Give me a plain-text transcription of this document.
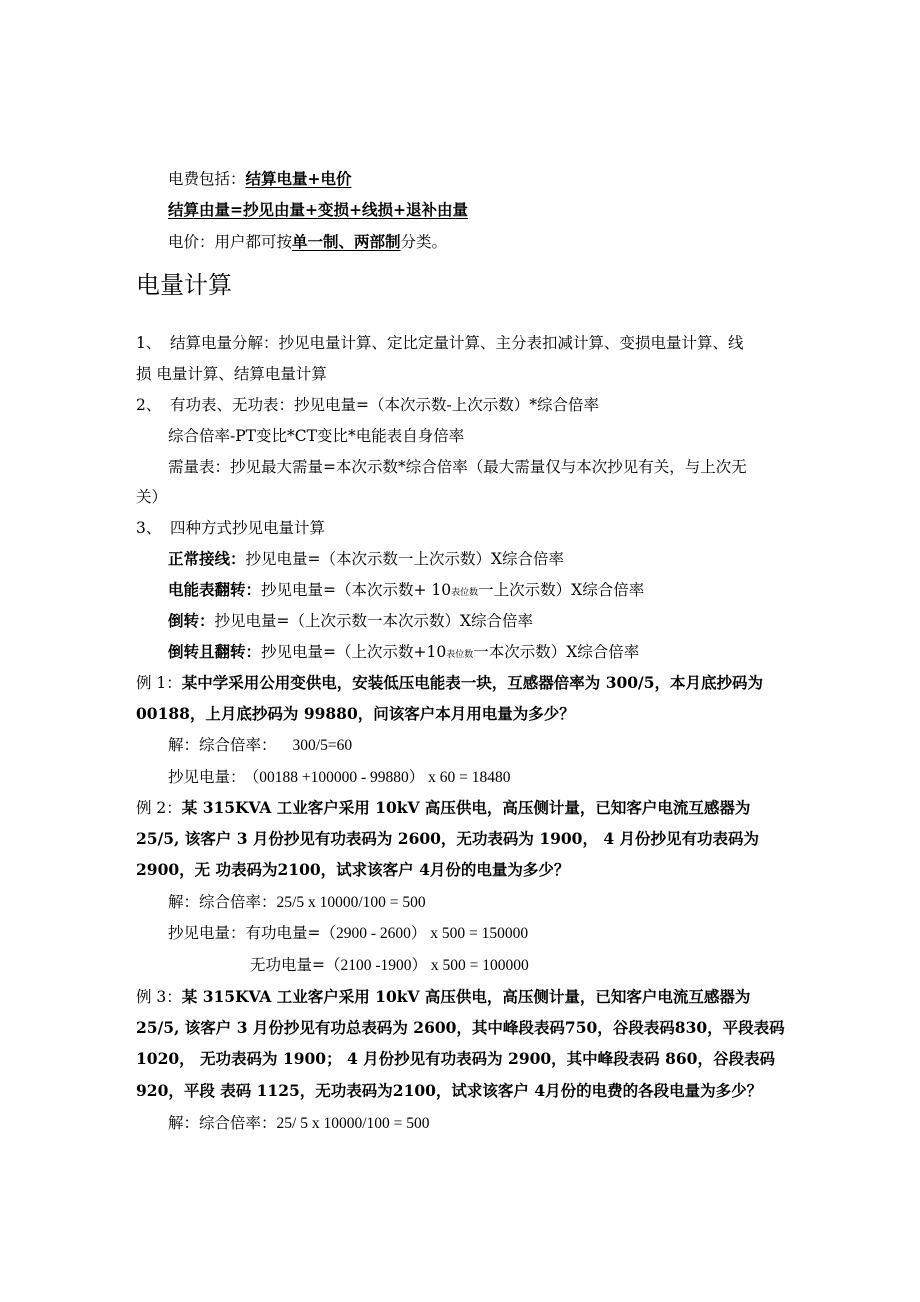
电费包括：结算电量+电价
结算由量=抄见由量+变损+线损+退补由量
电价：用户都可按单一制、两部制分类。
电量计算
1、 结算电量分解：抄见电量计算、定比定量计算、主分表扣减计算、变损电量计算、线
损 电量计算、结算电量计算
2、 有功表、无功表：抄见电量=（本次示数-上次示数）*综合倍率
综合倍率-PT变比*CT变比*电能表自身倍率
需量表：抄见最大需量=本次示数*综合倍率（最大需量仅与本次抄见有关，与上次无
关）
3、 四种方式抄见电量计算
正常接线：抄见电量=（本次示数一上次示数）X综合倍率
电能表翻转：抄见电量=（本次示数+ 10表位数一上次示数）X综合倍率
倒转：抄见电量=（上次示数一本次示数）X综合倍率
倒转且翻转：抄见电量=（上次示数+10表位数一本次示数）X综合倍率
例 1：某中学采用公用变供电，安装低压电能表一块，互感器倍率为 300/5，本月底抄码为
00188，上月底抄码为 99880，问该客户本月用电量为多少？
解：综合倍率： 300/5=60
抄见电量： （00188 +100000 - 99880） x 60 = 18480
例 2：某 315KVA 工业客户采用 10kV 高压供电，高压侧计量，已知客户电流互感器为
25/5, 该客户 3 月份抄见有功表码为 2600，无功表码为 1900， 4 月份抄见有功表码为
2900，无 功表码为2100，试求该客户 4月份的电量为多少？
解：综合倍率：25/5 x 10000/100 = 500
抄见电量：有功电量=（2900 - 2600） x 500 = 150000
无功电量=（2100 -1900） x 500 = 100000
例 3：某 315KVA 工业客户采用 10kV 高压供电，高压侧计量，已知客户电流互感器为
25/5, 该客户 3 月份抄见有功总表码为 2600，其中峰段表码750，谷段表码830，平段表码
1020， 无功表码为 1900； 4 月份抄见有功表码为 2900，其中峰段表码 860，谷段表码
920，平段 表码 1125，无功表码为2100，试求该客户 4月份的电费的各段电量为多少？
解：综合倍率：25/ 5 x 10000/100 = 500
